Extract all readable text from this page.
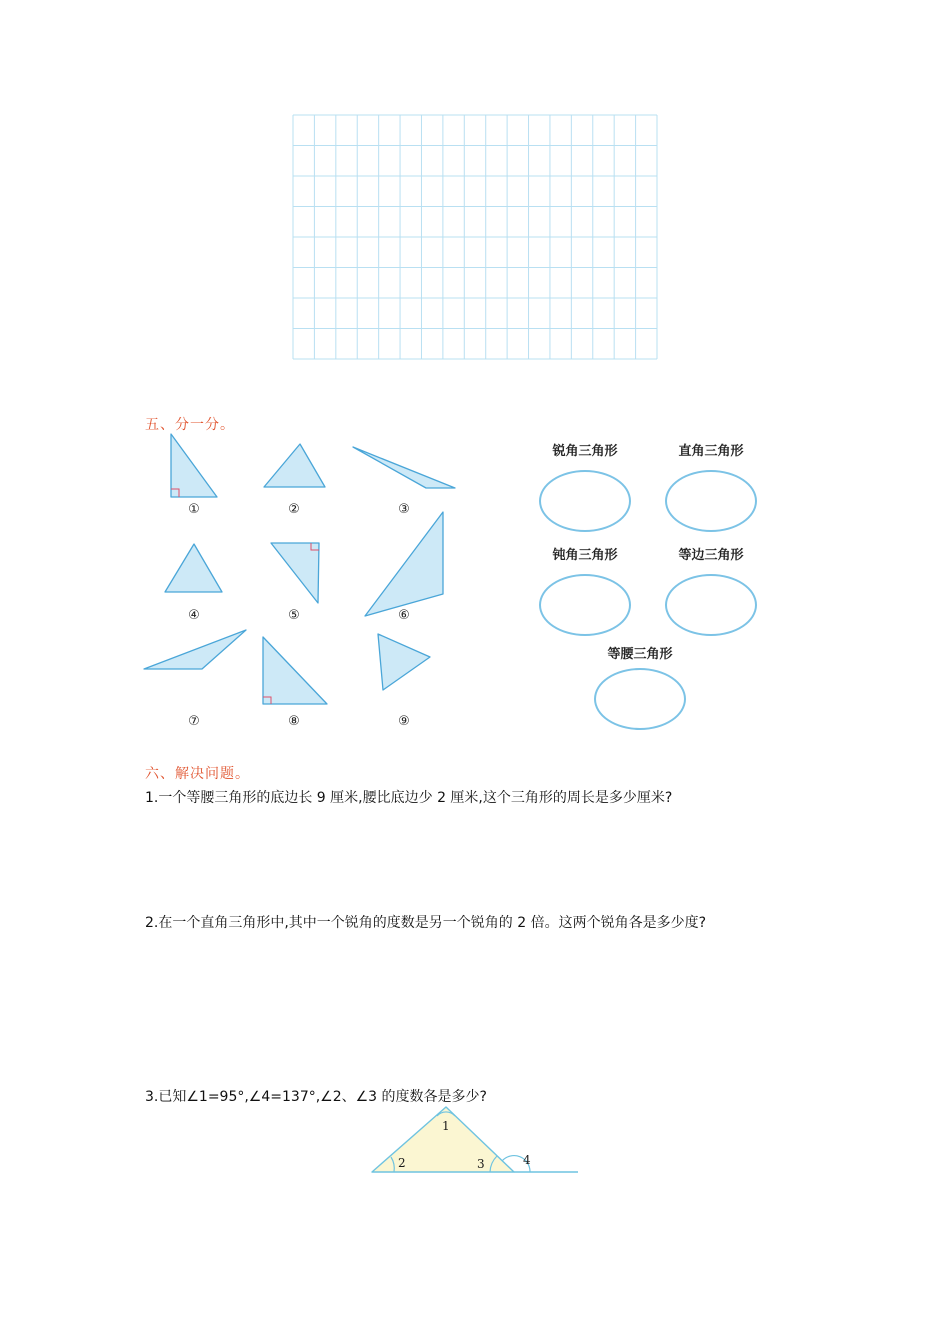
五、分一分。
①	②	③
④	⑤	⑥
⑦	⑧	⑨
锐角三角形	直角三角形
钝角三角形	等边三角形
等腰三角形
六、解决问题。
1.一个等腰三角形的底边长 9 厘米,腰比底边少 2 厘米,这个三角形的周长是多少厘米?
2.在一个直角三角形中,其中一个锐角的度数是另一个锐角的 2 倍。这两个锐角各是多少度?
3.已知∠1=95°,∠4=137°,∠2、∠3 的度数各是多少?
1
2	3	4
